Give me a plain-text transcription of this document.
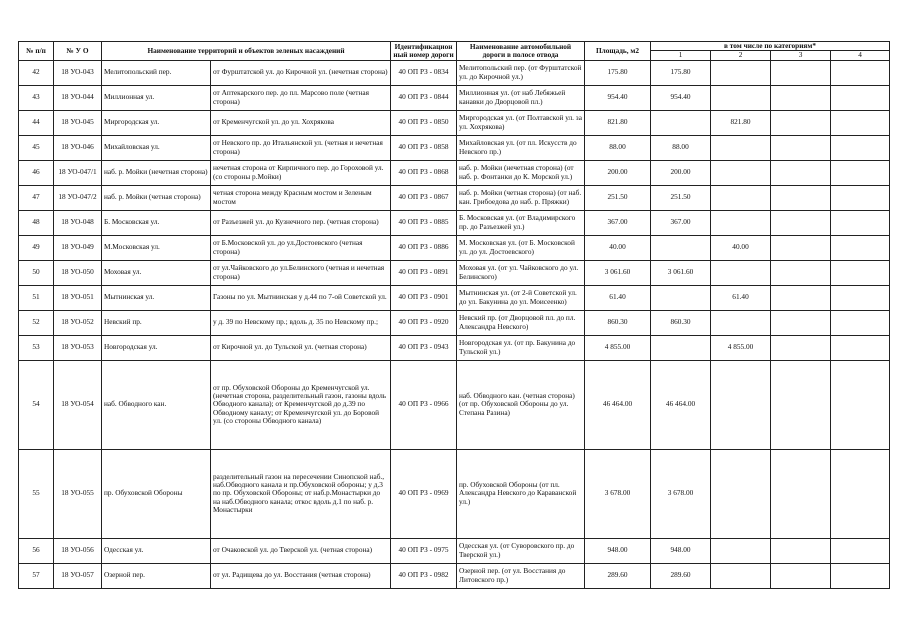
№ п/п	№ У О	Наименование территорий и объектов зеленых насаждений		Идентификационный номер дороги	Наименование автомобильной дороги в полосе отвода	Площадь, м2	в том числе по категориям*			
							1	2	3	4
42	18 УО-043	Мелитопольский пер.	от Фурштатской ул. до Кирочной ул. (нечетная сторона)	40 ОП РЗ - 0834	Мелитопольский пер. (от Фурштатской ул. до Кирочной ул.)	175.80	175.80			
43	18 УО-044	Миллионная ул.	от Аптекарского пер. до пл. Марсово поле (четная сторона)	40 ОП РЗ - 0844	Миллионная ул. (от наб Лебяжьей канавки до Дворцовой пл.)	954.40	954.40			
44	18 УО-045	Миргородская ул.	от Кременчугской ул. до ул. Хохрякова	40 ОП РЗ - 0850	Миргородская ул. (от Полтавской ул. за ул. Хохрякова)	821.80		821.80		
45	18 УО-046	Михайловская ул.	от Невского пр. до Итальянской ул. (четная и нечетная сторона)	40 ОП РЗ - 0858	Михайловская ул. (от пл. Искусств до Невского пр.)	88.00	88.00			
46	18 УО-047/1	наб. р. Мойки (нечетная сторона)	нечетная сторона от Кирпичного пер. до Гороховой ул. (со стороны р.Мойки)	40 ОП РЗ - 0868	наб. р. Мойки (нечетная сторона) (от наб. р. Фонтанки до К. Морской ул.)	200.00	200.00			
47	18 УО-047/2	наб. р. Мойки (четная сторона)	четная сторона между Красным мостом и Зеленым мостом	40 ОП РЗ - 0867	наб. р. Мойки (четная сторона) (от наб. кан. Грибоедова до наб. р. Пряжки)	251.50	251.50			
48	18 УО-048	Б. Московская ул.	от Разъезжей ул. до Кузнечного пер. (четная сторона)	40 ОП РЗ - 0885	Б. Московская ул. (от Владимирского пр. до Разъезжей ул.)	367.00	367.00			
49	18 УО-049	М.Московская ул.	от Б.Московской ул. до ул.Достоевского (четная сторона)	40 ОП РЗ - 0886	М. Московская ул. (от Б. Московской ул. до ул. Достоевского)	40.00		40.00		
50	18 УО-050	Моховая ул.	от ул.Чайковского до ул.Белинского (четная и нечетная сторона)	40 ОП РЗ - 0891	Моховая ул. (от ул. Чайковского до ул. Белинского)	3 061.60	3 061.60			
51	18 УО-051	Мытнинская ул.	Газоны по ул. Мытнинская у д.44 по 7-ой Советской ул.	40 ОП РЗ - 0901	Мытнинская ул. (от 2-й Советской ул. до ул. Бакунина до ул. Моисеенко)	61.40		61.40		
52	18 УО-052	Невский пр.	у д. 39 по Невскому пр.; вдоль д. 35 по Невскому пр.;	40 ОП РЗ - 0920	Невский пр. (от Дворцовой пл. до пл. Александра Невского)	860.30	860.30			
53	18 УО-053	Новгородская ул.	от Кирочной ул. до Тульской ул. (четная сторона)	40 ОП РЗ - 0943	Новгородская ул. (от пр. Бакунина до Тульской ул.)	4 855.00		4 855.00		
54	18 УО-054	наб. Обводного кан.	от пр. Обуховской Обороны до Кременчугской ул. (нечетная сторона, разделительный газон, газоны вдоль Обводного канала); от Кременчугской до д.39 по Обводному каналу; от Кременчугской ул. до Боровой ул. (со стороны Обводного канала)	40 ОП РЗ - 0966	наб. Обводного кан. (четная сторона) (от пр. Обуховской Обороны до ул. Степана Разина)	46 464.00	46 464.00			
55	18 УО-055	пр. Обуховской Обороны	разделительный газон на пересечении Синопской наб., наб.Обводного канала и пр.Обуховской обороны; у д.3 по пр. Обуховской Обороны; от наб.р.Монастырки до на наб.Обводного канала; откос вдоль д.1 по наб. р. Монастырки	40 ОП РЗ - 0969	пр. Обуховской Обороны (от пл. Александра Невского до Караванской ул.)	3 678.00	3 678.00			
56	18 УО-056	Одесская ул.	от Очаковской ул. до Тверской ул. (четная сторона)	40 ОП РЗ - 0975	Одесская ул. (от Суворовского пр. до Тверской ул.)	948.00	948.00			
57	18 УО-057	Озерной пер.	от ул. Радищева до ул. Восстания (четная сторона)	40 ОП РЗ - 0982	Озерной пер. (от ул. Восстания до Литовского пр.)	289.60	289.60			
